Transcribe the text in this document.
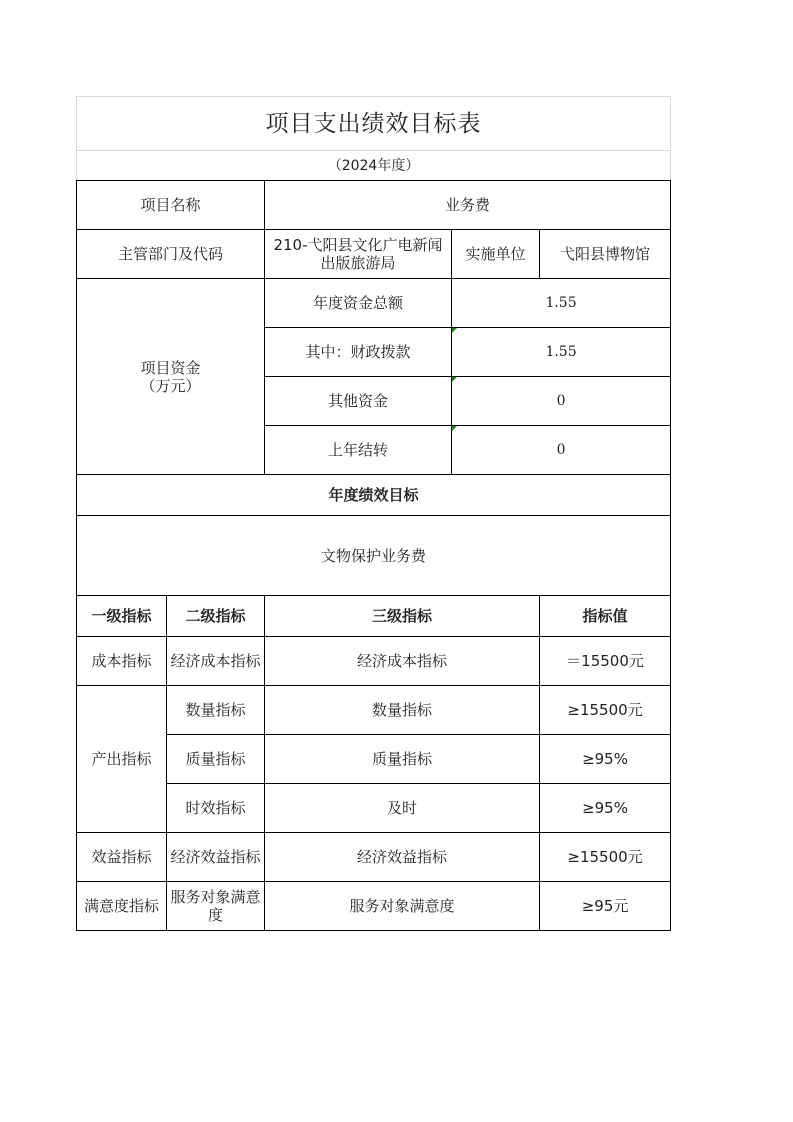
项目支出绩效目标表				
（2024年度）				
项目名称		业务费		
主管部门及代码		210-弋阳县文化广电新闻出版旅游局	实施单位	弋阳县博物馆

项目资金
（万元）		年度资金总额	1.55	
		其中：财政拨款	1.55	
		其他资金	0	
		上年结转	0	
年度绩效目标				
文物保护业务费				
一级指标	二级指标	三级指标		指标值
成本指标	经济成本指标	经济成本指标		＝15500元
产出指标	数量指标	数量指标		≥15500元
	质量指标	质量指标		≥95%
	时效指标	及时		≥95%
效益指标	经济效益指标	经济效益指标		≥15500元
满意度指标	服务对象满意度	服务对象满意度		≥95元
